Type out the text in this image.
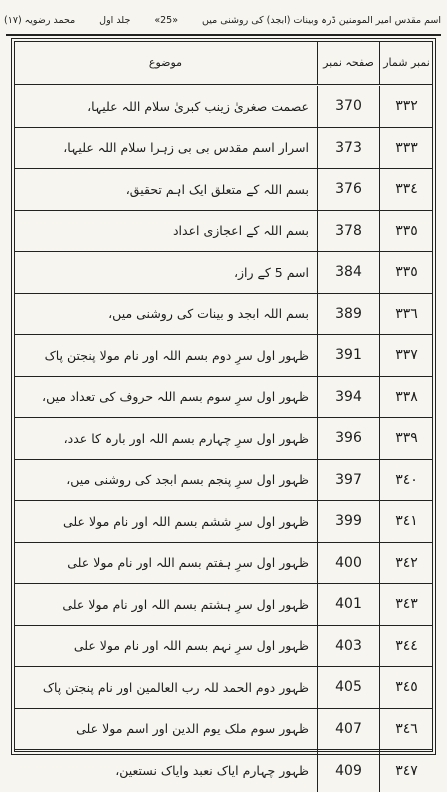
اسم مقدس امیر المومنین ڈرہ وبینات (ابجد) کی روشنی میں
«25»
جلد اول
محمد رضویہ (١٧)
نمبر شمار
صفحہ نمبر
موضوع
٣٣٢
370
عصمت صغریٰ زینب کبریٰ سلام اللہ علیہا،
٣٣٣
373
اسرار اسم مقدس بی بی زہرا سلام اللہ علیہا،
٣٣٤
376
بسم اللہ کے متعلق ایک اہم تحقیق،
٣٣٥
378
بسم اللہ کے اعجازی اعداد
٣٣٥
384
اسم 5 کے راز،
٣٣٦
389
بسم اللہ ابجد و بینات کی روشنی میں،
٣٣٧
391
ظہور اول سرِ دوم بسم اللہ اور نام مولا پنجتن پاک
٣٣٨
394
ظہور اول سرِ سوم بسم اللہ حروف کی تعداد میں،
٣٣٩
396
ظہور اول سرِ چہارم بسم اللہ اور بارہ کا عدد،
٣٤٠
397
ظہور اول سرِ پنجم بسم ابجد کی روشنی میں،
٣٤١
399
ظہور اول سرِ ششم بسم اللہ اور نام مولا علی
٣٤٢
400
ظہور اول سرِ ہفتم بسم اللہ اور نام مولا علی
٣٤٣
401
ظہور اول سرِ ہشتم بسم اللہ اور نام مولا علی
٣٤٤
403
ظہور اول سرِ نہم بسم اللہ اور نام مولا علی
٣٤٥
405
ظہور دوم الحمد للہ رب العالمین اور نام پنجتن پاک
٣٤٦
407
ظہور سوم ملک یوم الدین اور اسم مولا علی
٣٤٧
409
ظہور چہارم ایاک نعبد وایاک نستعین،
